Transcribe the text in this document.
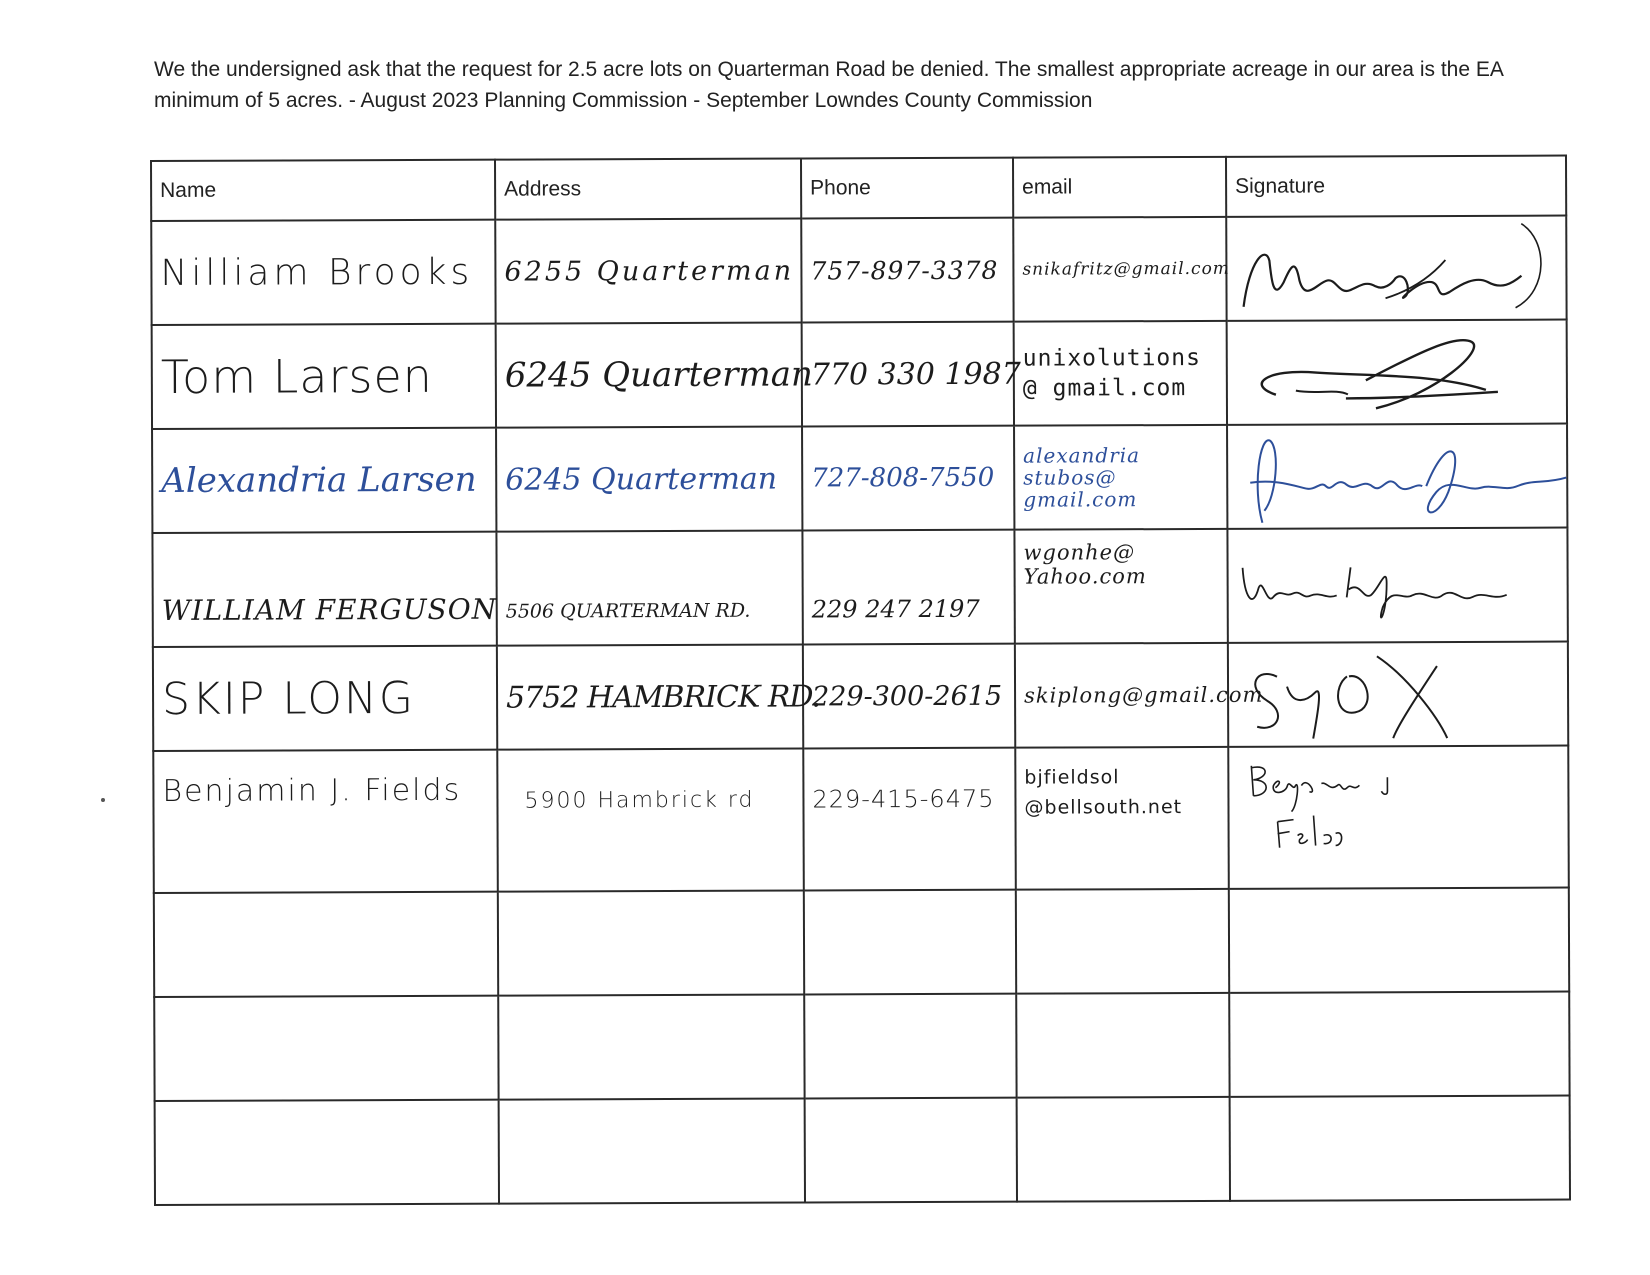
We the undersigned ask that the request for 2.5 acre lots on Quarterman Road be denied. The smallest appropriate acreage in our area is the EA minimum of 5 acres. - August 2023 Planning Commission - September Lowndes County Commission
Name	Address	Phone	email	Signature

Nilliam Brooks	6255 Quarterman	757-897-3378	snikafritz@gmail.com	William E Brooks

Tom Larsen	6245 Quarterman	770 330 1987	unixolutions @ gmail.com

Alexandria Larsen	6245 Quarterman	727-808-7550	alexandria stubos@ gmail.com

WILLIAM FERGUSON	5506 QUARTERMAN RD.	229 247 2197	wgonhe@ Yahoo.com

SKIP LONG	5752 HAMBRICK RD.	229-300-2615	skiplong@gmail.com

Benjamin J. Fields	5900 Hambrick rd	229-415-6475	bjfieldsol @bellsouth.net
